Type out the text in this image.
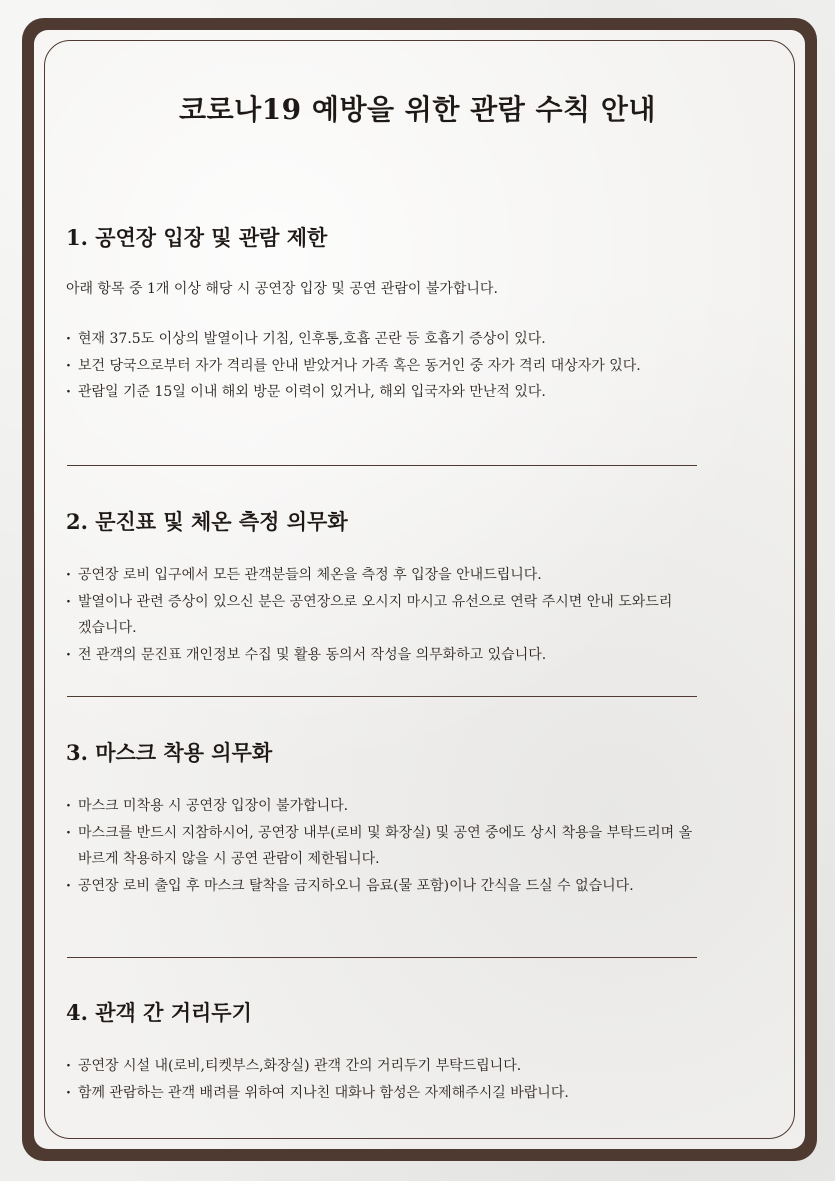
코로나19 예방을 위한 관람 수칙 안내
1. 공연장 입장 및 관람 제한

아래 항목 중 1개 이상 해당 시 공연장 입장 및 공연 관람이 불가합니다.

· 현재 37.5도 이상의 발열이나 기침, 인후통,호흡 곤란 등 호흡기 증상이 있다.
· 보건 당국으로부터 자가 격리를 안내 받았거나 가족 혹은 동거인 중 자가 격리 대상자가 있다.
· 관람일 기준 15일 이내 해외 방문 이력이 있거나, 해외 입국자와 만난적 있다.
2. 문진표 및 체온 측정 의무화
· 공연장 로비 입구에서 모든 관객분들의 체온을 측정 후 입장을 안내드립니다.
· 발열이나 관련 증상이 있으신 분은 공연장으로 오시지 마시고 유선으로 연락 주시면 안내 도와드리겠습니다.
· 전 관객의 문진표 개인정보 수집 및 활용 동의서 작성을 의무화하고 있습니다.
3. 마스크 착용 의무화
· 마스크 미착용 시 공연장 입장이 불가합니다.
· 마스크를 반드시 지참하시어, 공연장 내부(로비 및 화장실) 및 공연 중에도 상시 착용을 부탁드리며 올바르게 착용하지 않을 시 공연 관람이 제한됩니다.
· 공연장 로비 출입 후 마스크 탈착을 금지하오니 음료(물 포함)이나 간식을 드실 수 없습니다.
4. 관객 간 거리두기
· 공연장 시설 내(로비,티켓부스,화장실) 관객 간의 거리두기 부탁드립니다.
· 함께 관람하는 관객 배려를 위하여 지나친 대화나 함성은 자제해주시길 바랍니다.
